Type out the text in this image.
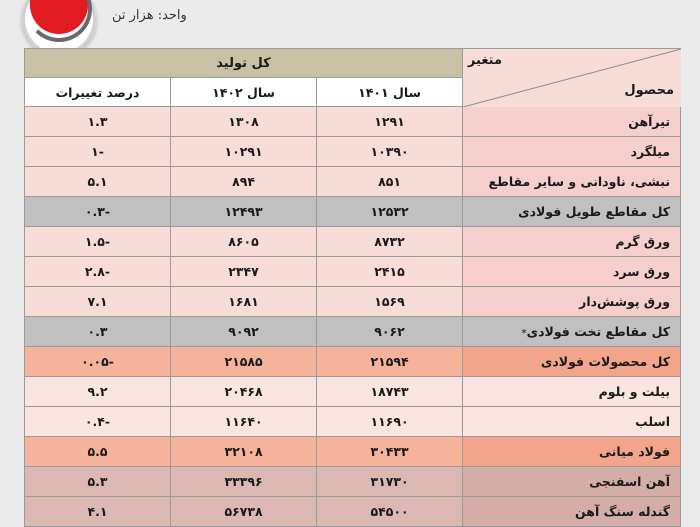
واحد: هزار تن
متغیر
محصول	کل تولید		
	سال ۱۴۰۱	سال ۱۴۰۲	درصد تغییرات
تیرآهن	۱۲۹۱	۱۳۰۸	۱.۳
میلگرد	۱۰۳۹۰	۱۰۲۹۱	-۱
نبشی، ناودانی و سایر مقاطع	۸۵۱	۸۹۴	۵.۱
کل مقاطع طویل فولادی	۱۲۵۳۲	۱۲۴۹۳	-۰.۳
ورق گرم	۸۷۳۲	۸۶۰۵	-۱.۵
ورق سرد	۲۴۱۵	۲۳۴۷	-۲.۸
ورق پوشش‌دار	۱۵۶۹	۱۶۸۱	۷.۱
کل مقاطع تخت فولادی*	۹۰۶۲	۹۰۹۲	۰.۳
کل محصولات فولادی	۲۱۵۹۴	۲۱۵۸۵	-۰.۰۵
بیلت و بلوم	۱۸۷۴۳	۲۰۴۶۸	۹.۲
اسلب	۱۱۶۹۰	۱۱۶۴۰	-۰.۴
فولاد میانی	۳۰۴۳۳	۳۲۱۰۸	۵.۵
آهن اسفنجی	۳۱۷۳۰	۳۳۳۹۶	۵.۳
گندله سنگ آهن	۵۴۵۰۰	۵۶۷۳۸	۴.۱
